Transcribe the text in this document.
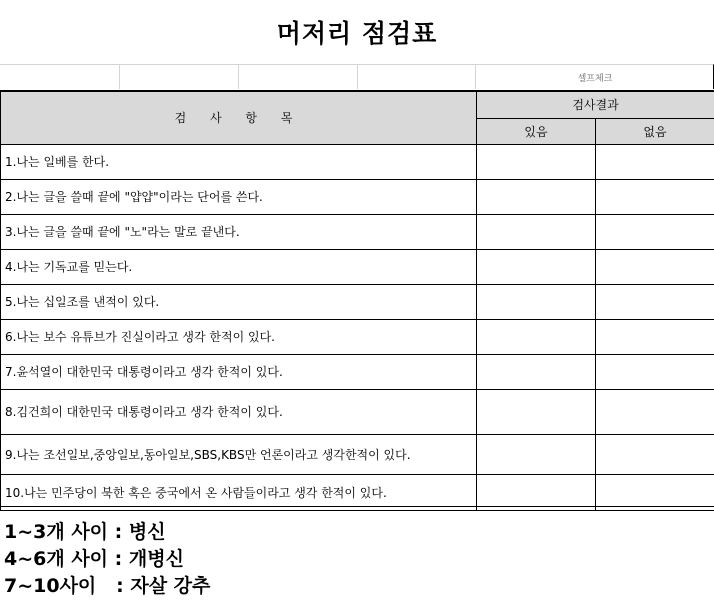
머저리 점검표
셀프체크
검 사 항 목	검사결과	
	있음	없음
1.나는 일베를 한다.		
2.나는 글을 쓸때 끝에 "얍얍"이라는 단어를 쓴다.		
3.나는 글을 쓸때 끝에 "노"라는 말로 끝낸다.		
4.나는 기독교를 믿는다.		
5.나는 십일조를 낸적이 있다.		
6.나는 보수 유튜브가 진실이라고 생각 한적이 있다.		
7.윤석열이 대한민국 대통령이라고 생각 한적이 있다.		
8.김건희이 대한민국 대통령이라고 생각 한적이 있다.		
9.나는 조선일보,중앙일보,동아일보,SBS,KBS만 언론이라고 생각한적이 있다.		
10.나는 민주당이 북한 혹은 중국에서 온 사람들이라고 생각 한적이 있다.		
1~3개 사이 : 병신
4~6개 사이 : 개병신
7~10사이   : 자살 강추
